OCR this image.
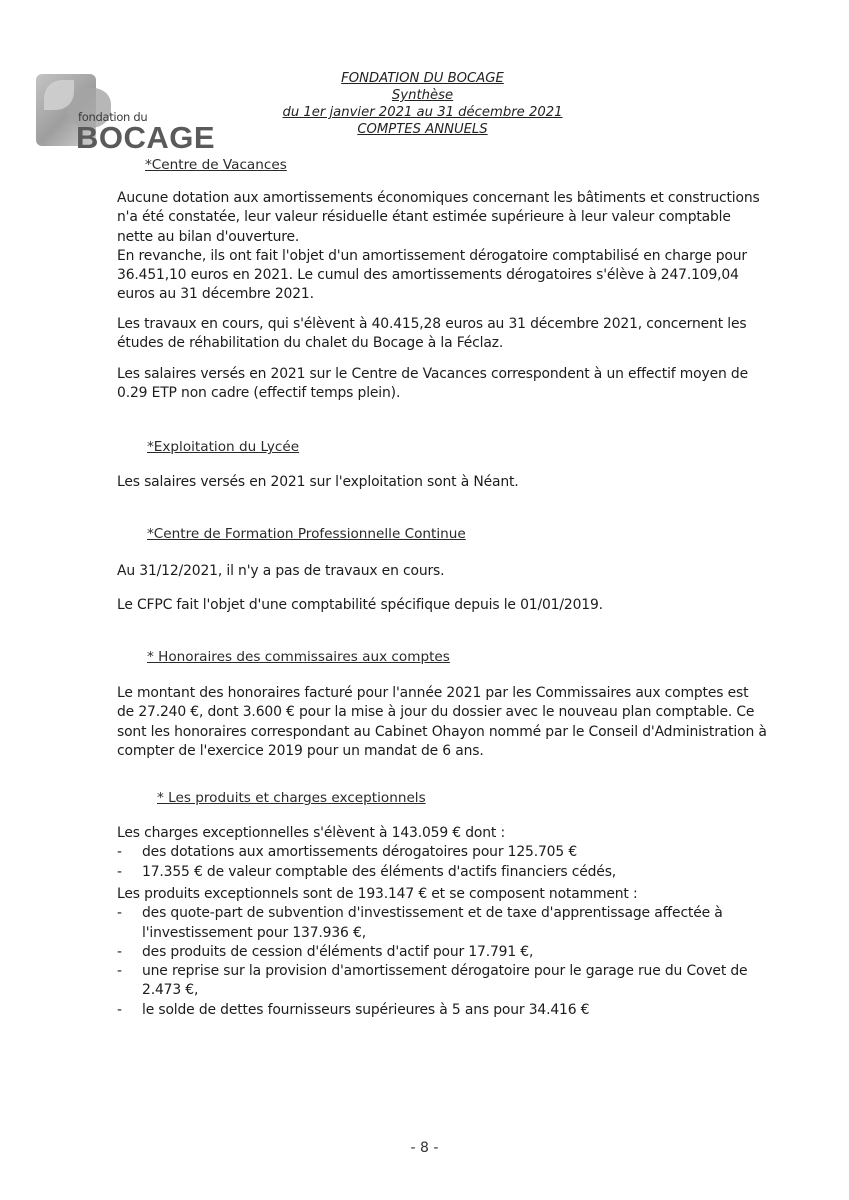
fondation du
BOCAGE
FONDATION DU BOCAGE
Synthèse
du 1er janvier 2021 au 31 décembre 2021
COMPTES ANNUELS
*Centre de Vacances

Aucune dotation aux amortissements économiques concernant les bâtiments et constructions n'a été constatée, leur valeur résiduelle étant estimée supérieure à leur valeur comptable nette au bilan d'ouverture.

En revanche, ils ont fait l'objet d'un amortissement dérogatoire comptabilisé en charge pour 36.451,10 euros en 2021. Le cumul des amortissements dérogatoires s'élève à 247.109,04 euros au 31 décembre 2021.

Les travaux en cours, qui s'élèvent à 40.415,28 euros au 31 décembre 2021, concernent les études de réhabilitation du chalet du Bocage à la Féclaz.
Les salaires versés en 2021 sur le Centre de Vacances correspondent à un effectif moyen de 0.29 ETP non cadre (effectif temps plein).
*Exploitation du Lycée
Les salaires versés en 2021 sur l'exploitation sont à Néant.
*Centre de Formation Professionnelle Continue
Au 31/12/2021, il n'y a pas de travaux en cours.
Le CFPC fait l'objet d'une comptabilité spécifique depuis le 01/01/2019.
* Honoraires des commissaires aux comptes
Le montant des honoraires facturé pour l'année 2021 par les Commissaires aux comptes est de 27.240 €, dont 3.600 € pour la mise à jour du dossier avec le nouveau plan comptable. Ce sont les honoraires correspondant au Cabinet Ohayon nommé par le Conseil d'Administration à compter de l'exercice 2019 pour un mandat de 6 ans.
* Les produits et charges exceptionnels

Les charges exceptionnelles s'élèvent à 143.059 € dont :

- des dotations aux amortissements dérogatoires pour 125.705 €
- 17.355 € de valeur comptable des éléments d'actifs financiers cédés,

Les produits exceptionnels sont de 193.147 € et se composent notamment :

- des quote-part de subvention d'investissement et de taxe d'apprentissage affectée à l'investissement pour 137.936 €,
- des produits de cession d'éléments d'actif pour 17.791 €,
- une reprise sur la provision d'amortissement dérogatoire pour le garage rue du Covet de 2.473 €,
- le solde de dettes fournisseurs supérieures à 5 ans pour 34.416 €
- 8 -
